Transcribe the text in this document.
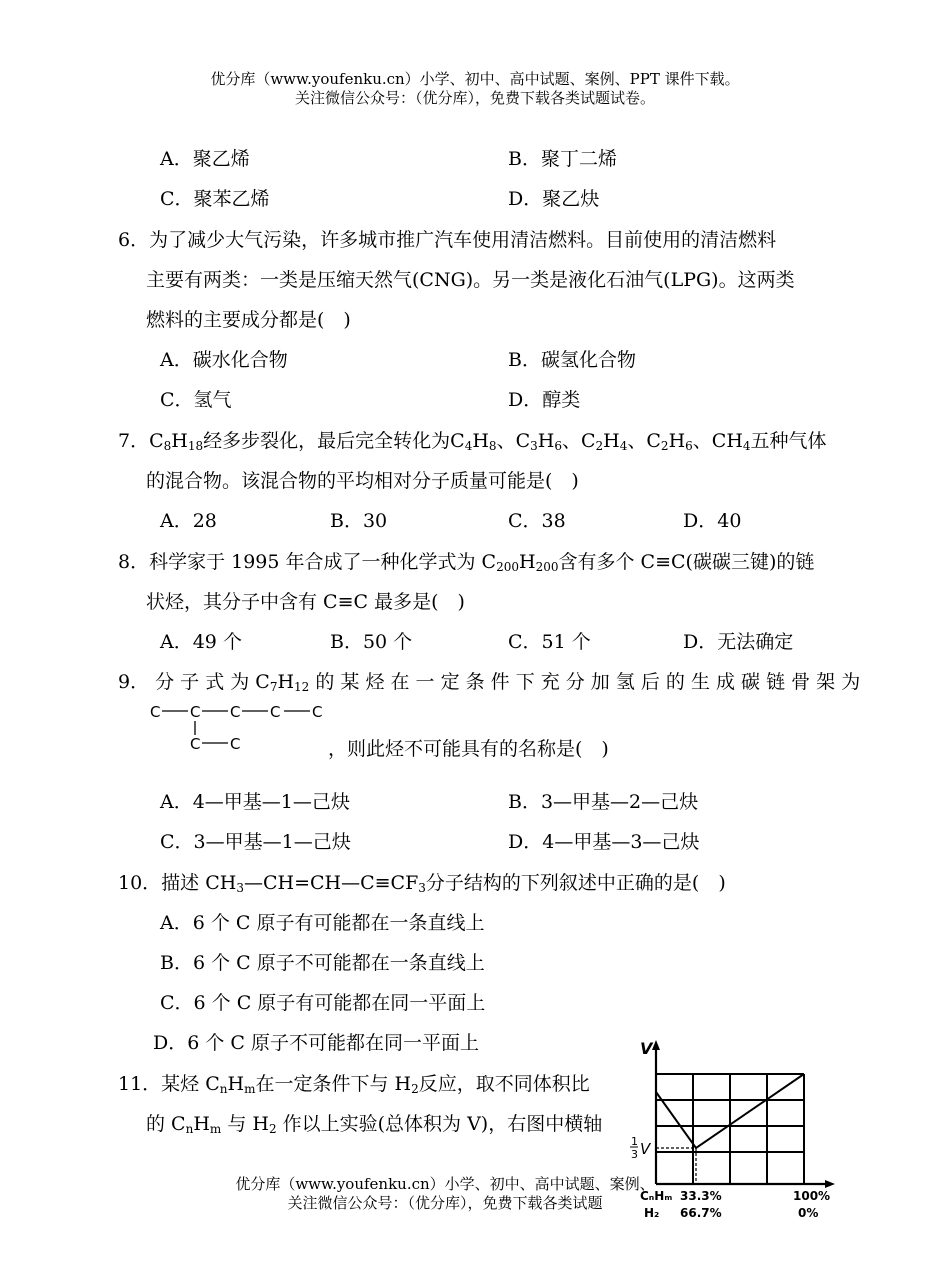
优分库（www.youfenku.cn）小学、初中、高中试题、案例、PPT 课件下载。
关注微信公众号：（优分库），免费下载各类试题试卷。
A．聚乙烯	B．聚丁二烯
C．聚苯乙烯	D．聚乙炔
6．为了减少大气污染，许多城市推广汽车使用清洁燃料。目前使用的清洁燃料
主要有两类：一类是压缩天然气(CNG)。另一类是液化石油气(LPG)。这两类
燃料的主要成分都是(　)
A．碳水化合物	B．碳氢化合物
C．氢气	D．醇类
7．$C_8H_{18}$经多步裂化，最后完全转化为$C_4H_8$、$C_3H_6$、$C_2H_4$、$C_2H_6$、$CH_4$五种气体
的混合物。该混合物的平均相对分子质量可能是(　)
A．28	B．30	C．38	D．40
8．科学家于 1995 年合成了一种化学式为 $C_{200}H_{200}$含有多个 C≡C(碳碳三键)的链
状烃，其分子中含有 C≡C 最多是(　)
A．49 个	B．50 个	C．51 个	D．无法确定
9． 分 子 式 为 $C_7H_{12}$ 的 某 烃 在 一 定 条 件 下 充 分 加 氢 后 的 生 成 碳 链 骨 架 为
C C C C C
C C	，则此烃不可能具有的名称是(　)
A．4—甲基—1—己炔	B．3—甲基—2—己炔
C．3—甲基—1—己炔	D．4—甲基—3—己炔
10．描述 $CH_3—CH=CH—C\equiv CF_3$分子结构的下列叙述中正确的是(　)
A．6 个 C 原子有可能都在一条直线上
B．6 个 C 原子不可能都在一条直线上
C．6 个 C 原子有可能都在同一平面上
D．6 个 C 原子不可能都在同一平面上
11．某烃 $C_nH_m$在一定条件下与 $H_2$反应，取不同体积比
的 $C_nH_m$ 与 $H_2$ 作以上实验(总体积为 V)，右图中横轴
V
1
3 V
CₙHₘ
H₂
33.3%
66.7%
100%
0%
优分库（www.youfenku.cn）小学、初中、高中试题、案例、
关注微信公众号：（优分库），免费下载各类试题
